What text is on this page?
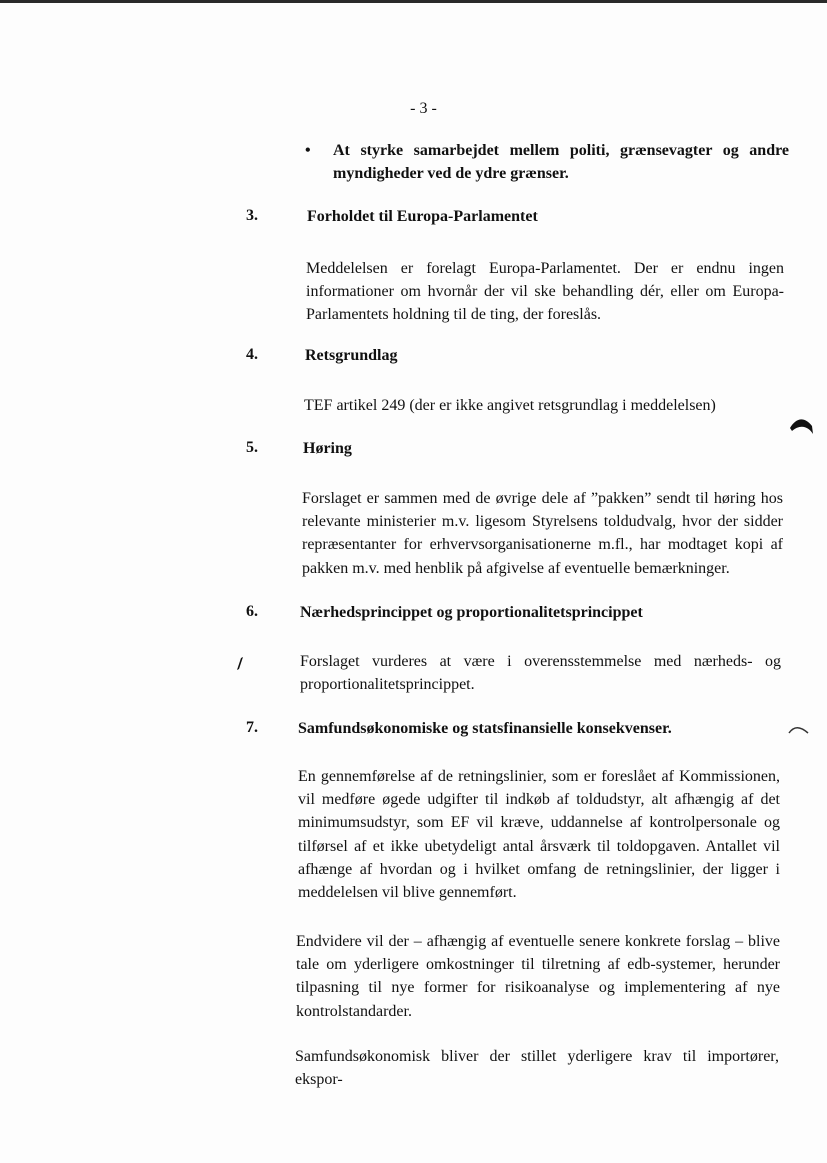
- 3 -
• At styrke samarbejdet mellem politi, grænsevagter og andre myndigheder ved de ydre grænser.
3.	Forholdet til Europa-Parlamentet
Meddelelsen er forelagt Europa-Parlamentet. Der er endnu ingen informationer om hvornår der vil ske behandling dér, eller om Europa-Parlamentets holdning til de ting, der foreslås.
4.	Retsgrundlag
TEF artikel 249 (der er ikke angivet retsgrundlag i meddelelsen)
5.	Høring
Forslaget er sammen med de øvrige dele af ”pakken” sendt til høring hos relevante ministerier m.v. ligesom Styrelsens toldudvalg, hvor der sidder repræsentanter for erhvervsorganisationerne m.fl., har modtaget kopi af pakken m.v. med henblik på afgivelse af eventuelle bemærkninger.
6.	Nærhedsprincippet og proportionalitetsprincippet
Forslaget vurderes at være i overensstemmelse med nærheds- og proportionalitetsprincippet.
7.	Samfundsøkonomiske og statsfinansielle konsekvenser.
En gennemførelse af de retningslinier, som er foreslået af Kommissionen, vil medføre øgede udgifter til indkøb af toldudstyr, alt afhængig af det minimumsudstyr, som EF vil kræve, uddannelse af kontrolpersonale og tilførsel af et ikke ubetydeligt antal årsværk til toldopgaven. Antallet vil afhænge af hvordan og i hvilket omfang de retningslinier, der ligger i meddelelsen vil blive gennemført.
Endvidere vil der – afhængig af eventuelle senere konkrete forslag – blive tale om yderligere omkostninger til tilretning af edb-systemer, herunder tilpasning til nye former for risikoanalyse og implementering af nye kontrolstandarder.
Samfundsøkonomisk bliver der stillet yderligere krav til importører, ekspor-
